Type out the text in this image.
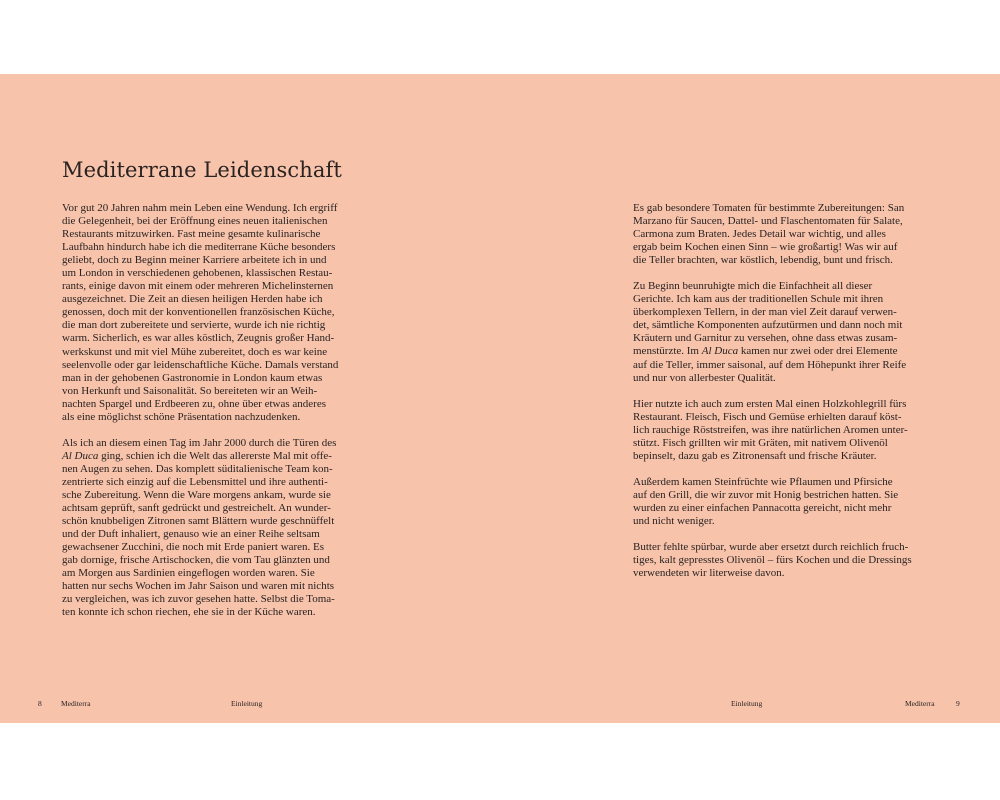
Mediterrane Leidenschaft

Vor gut 20 Jahren nahm mein Leben eine Wendung. Ich ergriff
die Gelegenheit, bei der Eröffnung eines neuen italienischen
Restaurants mitzuwirken. Fast meine gesamte kulinarische
Laufbahn hindurch habe ich die mediterrane Küche besonders
geliebt, doch zu Beginn meiner Karriere arbeitete ich in und
um London in verschiedenen gehobenen, klassischen Restau-
rants, einige davon mit einem oder mehreren Michelinsternen
ausgezeichnet. Die Zeit an diesen heiligen Herden habe ich
genossen, doch mit der konventionellen französischen Küche,
die man dort zubereitete und servierte, wurde ich nie richtig
warm. Sicherlich, es war alles köstlich, Zeugnis großer Hand-
werkskunst und mit viel Mühe zubereitet, doch es war keine
seelenvolle oder gar leidenschaftliche Küche. Damals verstand
man in der gehobenen Gastronomie in London kaum etwas
von Herkunft und Saisonalität. So bereiteten wir an Weih-
nachten Spargel und Erdbeeren zu, ohne über etwas anderes
als eine möglichst schöne Präsentation nachzudenken.

Als ich an diesem einen Tag im Jahr 2000 durch die Türen des
Al Duca ging, schien ich die Welt das allererste Mal mit offe-
nen Augen zu sehen. Das komplett süditalienische Team kon-
zentrierte sich einzig auf die Lebensmittel und ihre authenti-
sche Zubereitung. Wenn die Ware morgens ankam, wurde sie
achtsam geprüft, sanft gedrückt und gestreichelt. An wunder-
schön knubbeligen Zitronen samt Blättern wurde geschnüffelt
und der Duft inhaliert, genauso wie an einer Reihe seltsam
gewachsener Zucchini, die noch mit Erde paniert waren. Es
gab dornige, frische Artischocken, die vom Tau glänzten und
am Morgen aus Sardinien eingeflogen worden waren. Sie
hatten nur sechs Wochen im Jahr Saison und waren mit nichts
zu vergleichen, was ich zuvor gesehen hatte. Selbst die Toma-
ten konnte ich schon riechen, ehe sie in der Küche waren.

Es gab besondere Tomaten für bestimmte Zubereitungen: San
Marzano für Saucen, Dattel- und Flaschentomaten für Salate,
Carmona zum Braten. Jedes Detail war wichtig, und alles
ergab beim Kochen einen Sinn – wie großartig! Was wir auf
die Teller brachten, war köstlich, lebendig, bunt und frisch.

Zu Beginn beunruhigte mich die Einfachheit all dieser
Gerichte. Ich kam aus der traditionellen Schule mit ihren
überkomplexen Tellern, in der man viel Zeit darauf verwen-
det, sämtliche Komponenten aufzutürmen und dann noch mit
Kräutern und Garnitur zu versehen, ohne dass etwas zusam-
menstürzte. Im Al Duca kamen nur zwei oder drei Elemente
auf die Teller, immer saisonal, auf dem Höhepunkt ihrer Reife
und nur von allerbester Qualität.

Hier nutzte ich auch zum ersten Mal einen Holzkohlegrill fürs
Restaurant. Fleisch, Fisch und Gemüse erhielten darauf köst-
lich rauchige Röststreifen, was ihre natürlichen Aromen unter-
stützt. Fisch grillten wir mit Gräten, mit nativem Olivenöl
bepinselt, dazu gab es Zitronensaft und frische Kräuter.

Außerdem kamen Steinfrüchte wie Pflaumen und Pfirsiche
auf den Grill, die wir zuvor mit Honig bestrichen hatten. Sie
wurden zu einer einfachen Pannacotta gereicht, nicht mehr
und nicht weniger.

Butter fehlte spürbar, wurde aber ersetzt durch reichlich fruch-
tiges, kalt gepresstes Olivenöl – fürs Kochen und die Dressings
verwendeten wir literweise davon.

8	Mediterra	Einleitung	Einleitung	Mediterra	9
